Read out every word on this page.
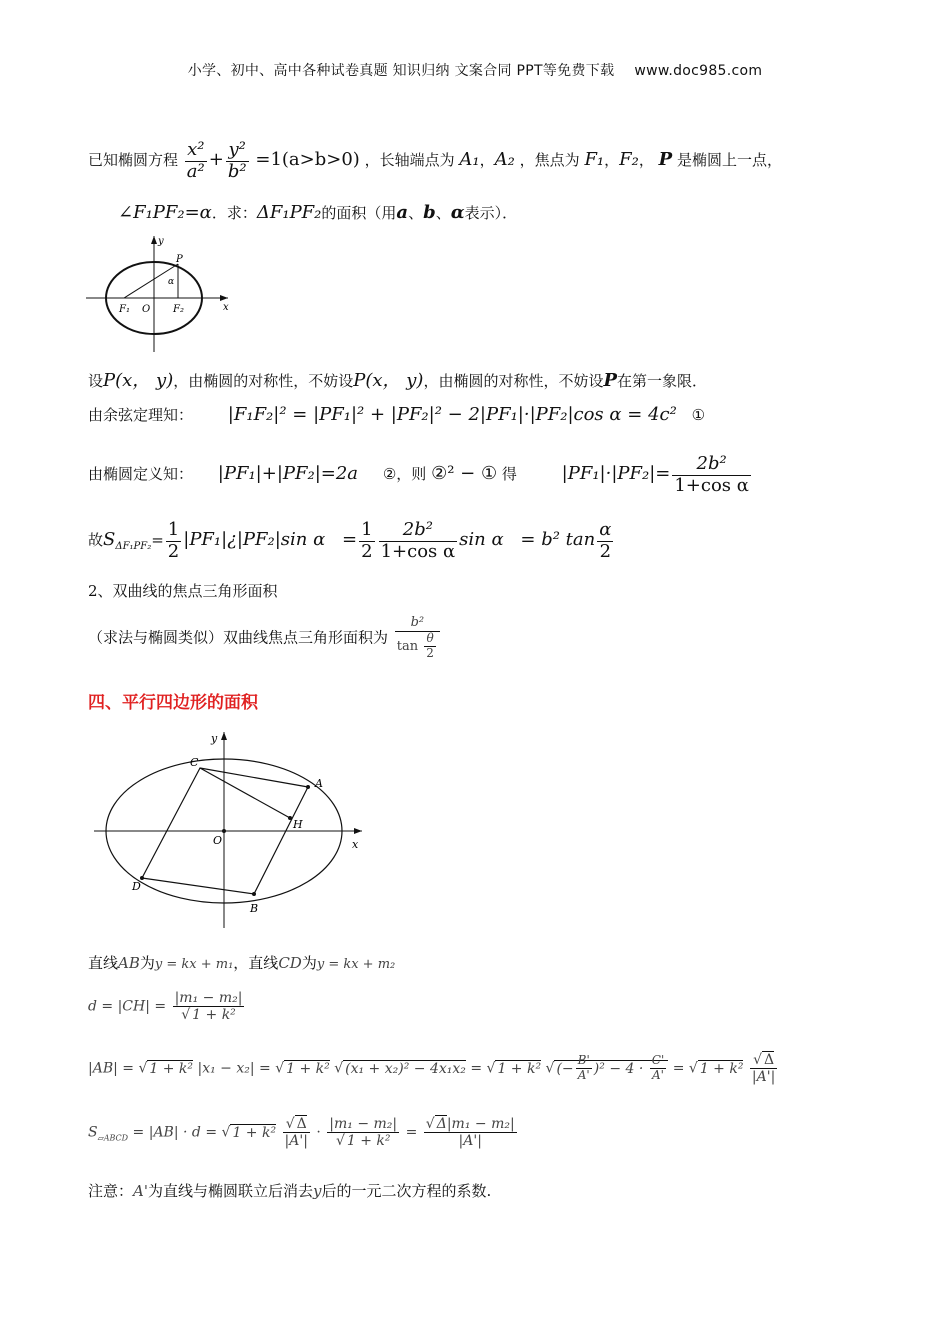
小学、初中、高中各种试卷真题 知识归纳 文案合同 PPT等免费下载 www.doc985.com
已知椭圆方程 $\frac{\text{x²}}{\text{a²}} + \frac{\text{y²}}{\text{b²}} =1(a>b>0)$ ，长轴端点为 A₁，A₂ ，焦点为 F₁，F₂， P 是椭圆上一点，
∠F₁PF₂=α．求：ΔF₁PF₂的面积（用a、b、α表示）．
y
P
α
F₁ O F₂	x
设P(x， y)，由椭圆的对称性，不妨设P(x， y)，由椭圆的对称性，不妨设P在第一象限．
由余弦定理知： |F₁F₂|² = |PF₁|² + |PF₂|² − 2|PF₁|·|PF₂|cos α = 4c² ①
由椭圆定义知： |PF₁|+|PF₂|=2a ②，则 ②² − ① 得 $|PF_1|\cdot|PF_2|= \frac{\text{2b²}}{\text{1+cos α}}$
故$S_{\Delta F_1PF_2}= \frac{1}{2}$ |PF₁|¿|PF₂|sin $\alpha = \frac{1}{2} \frac{\text{2b²}}{\text{1+cos α}}$ sin α = b² $\tan \frac{\alpha}{2}$
2、双曲线的焦点三角形面积
（求法与椭圆类似）双曲线焦点三角形面积为 $\frac{\text{b²}}{\tan \frac{\theta}{2}}$
四、平行四边形的面积
y
C
A
H
O	x
D
B
直线AB为y = kx + m₁，直线CD为y = kx + m₂
$d = |CH| = \frac{\text{|m₁ − m₂|}}{\text{√ 1 + k²}}$
|AB| = √ 1 + k² |x₁ − x₂| = √ 1 + k² √ (x₁ + x₂)² − 4x₁x₂ = √ 1 + k² √ (− $\frac{B'}{A'} )^2 - 4 \cdot \frac{C'}{A'}$ = √ $1 + k^2 \frac{√ \Delta}{|A'|}$
$S_{▱ABCD} = |AB| \cdot d$ = √ $1 + k^2 \frac{√ \Delta}{|A'|} \cdot \frac{\text{|m₁ − m₂|}}{\text{√ 1 + k²}} = \frac{\text{√ Δ|m₁ − m₂|}}{|A'|}$
注意：A'为直线与椭圆联立后消去y后的一元二次方程的系数.
